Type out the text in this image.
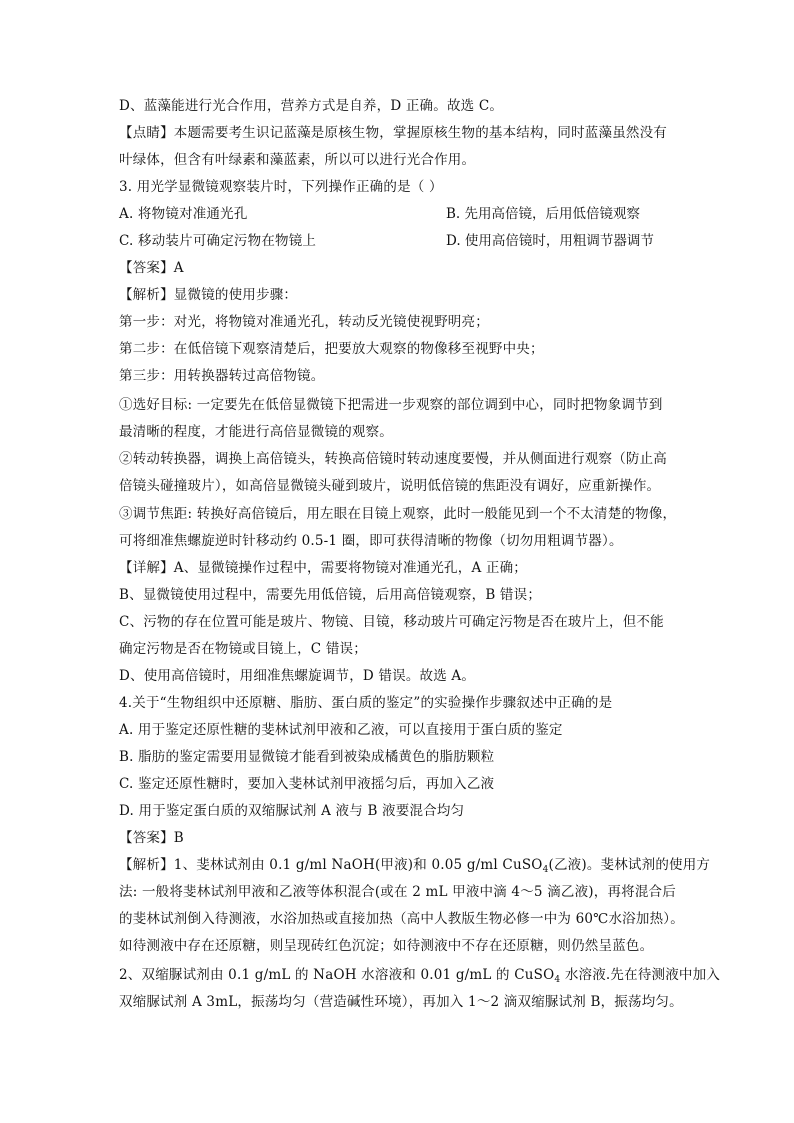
D、蓝藻能进行光合作用，营养方式是自养，D 正确。故选 C。
【点睛】本题需要考生识记蓝藻是原核生物，掌握原核生物的基本结构，同时蓝藻虽然没有
叶绿体，但含有叶绿素和藻蓝素，所以可以进行光合作用。
3. 用光学显微镜观察装片时，下列操作正确的是（ ）
A. 将物镜对准通光孔	B. 先用高倍镜，后用低倍镜观察
C. 移动装片可确定污物在物镜上	D. 使用高倍镜时，用粗调节器调节
【答案】A
【解析】显微镜的使用步骤：
第一步：对光，将物镜对准通光孔，转动反光镜使视野明亮；
第二步：在低倍镜下观察清楚后，把要放大观察的物像移至视野中央；
第三步：用转换器转过高倍物镜。
①选好目标: 一定要先在低倍显微镜下把需进一步观察的部位调到中心，同时把物象调节到
最清晰的程度，才能进行高倍显微镜的观察。
②转动转换器，调换上高倍镜头，转换高倍镜时转动速度要慢，并从侧面进行观察（防止高
倍镜头碰撞玻片），如高倍显微镜头碰到玻片，说明低倍镜的焦距没有调好，应重新操作。
③调节焦距: 转换好高倍镜后，用左眼在目镜上观察，此时一般能见到一个不太清楚的物像，
可将细准焦螺旋逆时针移动约 0.5-1 圈，即可获得清晰的物像（切勿用粗调节器）。
【详解】A、显微镜操作过程中，需要将物镜对准通光孔，A 正确；
B、显微镜使用过程中，需要先用低倍镜，后用高倍镜观察，B 错误；
C、污物的存在位置可能是玻片、物镜、目镜，移动玻片可确定污物是否在玻片上，但不能
确定污物是否在物镜或目镜上，C 错误；
D、使用高倍镜时，用细准焦螺旋调节，D 错误。故选 A。
4.关于“生物组织中还原糖、脂肪、蛋白质的鉴定”的实验操作步骤叙述中正确的是
A. 用于鉴定还原性糖的斐林试剂甲液和乙液，可以直接用于蛋白质的鉴定
B. 脂肪的鉴定需要用显微镜才能看到被染成橘黄色的脂肪颗粒
C. 鉴定还原性糖时，要加入斐林试剂甲液摇匀后，再加入乙液
D. 用于鉴定蛋白质的双缩脲试剂 A 液与 B 液要混合均匀
【答案】B
【解析】1、斐林试剂由 0.1 g/ml NaOH(甲液)和 0.05 g/ml CuSO$_4$(乙液)。斐林试剂的使用方
法: 一般将斐林试剂甲液和乙液等体积混合(或在 2 mL 甲液中滴 4～5 滴乙液)，再将混合后
的斐林试剂倒入待测液，水浴加热或直接加热（高中人教版生物必修一中为 60℃水浴加热）。
如待测液中存在还原糖，则呈现砖红色沉淀；如待测液中不存在还原糖，则仍然呈蓝色。
2、双缩脲试剂由 0.1 g/mL 的 NaOH 水溶液和 0.01 g/mL 的 CuSO$_4$ 水溶液.先在待测液中加入
双缩脲试剂 A 3mL，振荡均匀（营造碱性环境），再加入 1～2 滴双缩脲试剂 B，振荡均匀。
